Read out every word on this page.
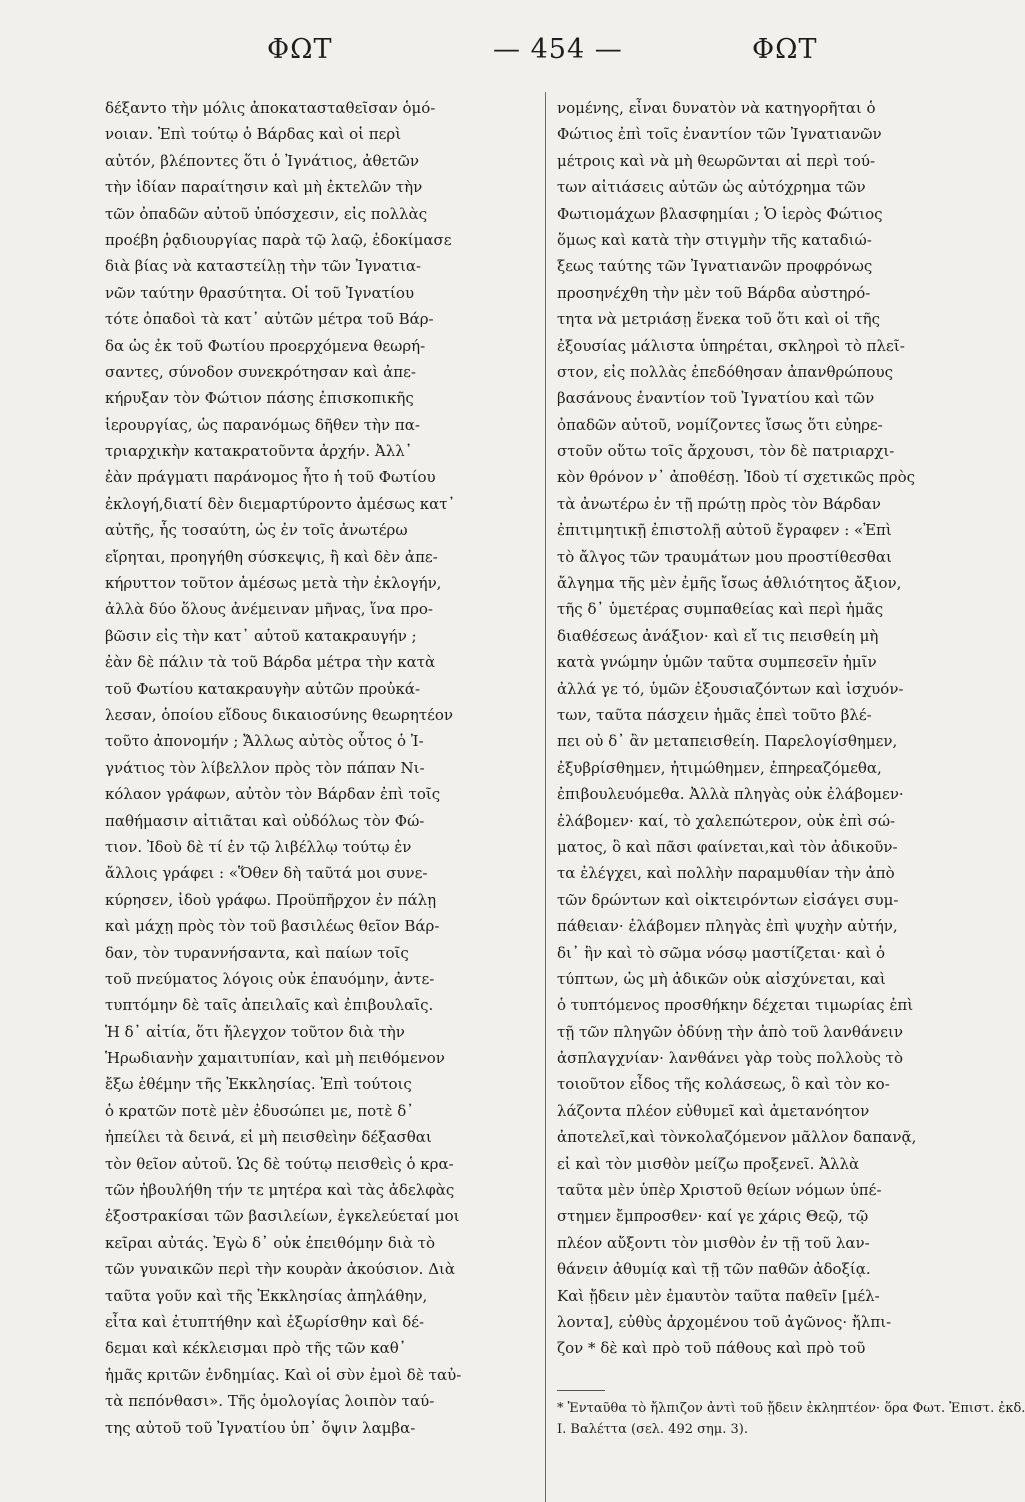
ΦΩΤ	— 454 —	ΦΩΤ
δέξαντο τὴν μόλις ἀποκατασταθεῖσαν ὁμό-
νοιαν. Ἐπὶ τούτῳ ὁ Βάρδας καὶ οἱ περὶ
αὐτόν, βλέποντες ὅτι ὁ Ἰγνάτιος, ἀθετῶν
τὴν ἰδίαν παραίτησιν καὶ μὴ ἐκτελῶν τὴν
τῶν ὀπαδῶν αὐτοῦ ὑπόσχεσιν, εἰς πολλὰς
προέβη ῥᾳδιουργίας παρὰ τῷ λαῷ, ἐδοκίμασε
διὰ βίας νὰ καταστείλῃ τὴν τῶν Ἰγνατια-
νῶν ταύτην θρασύτητα. Οἱ τοῦ Ἰγνατίου
τότε ὀπαδοὶ τὰ κατ᾽ αὐτῶν μέτρα τοῦ Βάρ-
δα ὡς ἐκ τοῦ Φωτίου προερχόμενα θεωρή-
σαντες, σύνοδον συνεκρότησαν καὶ ἀπε-
κήρυξαν τὸν Φώτιον πάσης ἐπισκοπικῆς
ἱερουργίας, ὡς παρανόμως δῆθεν τὴν πα-
τριαρχικὴν κατακρατοῦντα ἀρχήν. Ἀλλ᾽
ἐὰν πράγματι παράνομος ἦτο ἡ τοῦ Φωτίου
ἐκλογή,διατί δὲν διεμαρτύροντο ἀμέσως κατ᾽
αὐτῆς, ἧς τοσαύτη, ὡς ἐν τοῖς ἀνωτέρω
εἴρηται, προηγήθη σύσκεψις, ἢ καὶ δὲν ἀπε-
κήρυττον τοῦτον ἀμέσως μετὰ τὴν ἐκλογήν,
ἀλλὰ δύο ὅλους ἀνέμειναν μῆνας, ἵνα προ-
βῶσιν εἰς τὴν κατ᾽ αὐτοῦ κατακραυγήν ;
ἐὰν δὲ πάλιν τὰ τοῦ Βάρδα μέτρα τὴν κατὰ
τοῦ Φωτίου κατακραυγὴν αὐτῶν προὐκά-
λεσαν, ὁποίου εἴδους δικαιοσύνης θεωρητέον
τοῦτο ἀπονομήν ; Ἄλλως αὐτὸς οὗτος ὁ Ἰ-
γνάτιος τὸν λίβελλον πρὸς τὸν πάπαν Νι-
κόλαον γράφων, αὐτὸν τὸν Βάρδαν ἐπὶ τοῖς
παθήμασιν αἰτιᾶται καὶ οὐδόλως τὸν Φώ-
τιον. Ἰδοὺ δὲ τί ἐν τῷ λιβέλλῳ τούτῳ ἐν
ἄλλοις γράφει : «Ὅθεν δὴ ταῦτά μοι συνε-
κύρησεν, ἰδοὺ γράφω. Προϋπῆρχον ἐν πάλῃ
καὶ μάχῃ πρὸς τὸν τοῦ βασιλέως θεῖον Βάρ-
δαν, τὸν τυραννήσαντα, καὶ παίων τοῖς
τοῦ πνεύματος λόγοις οὐκ ἐπαυόμην, ἀντε-
τυπτόμην δὲ ταῖς ἀπειλαῖς καὶ ἐπιβουλαῖς.
Ἡ δ᾽ αἰτία, ὅτι ἤλεγχον τοῦτον διὰ τὴν
Ἡρωδιανὴν χαμαιτυπίαν, καὶ μὴ πειθόμενον
ἔξω ἐθέμην τῆς Ἐκκλησίας. Ἐπὶ τούτοις
ὁ κρατῶν ποτὲ μὲν ἐδυσώπει με, ποτὲ δ᾽
ἠπείλει τὰ δεινά, εἰ μὴ πεισθεὶην δέξασθαι
τὸν θεῖον αὐτοῦ. Ὡς δὲ τούτῳ πεισθεὶς ὁ κρα-
τῶν ἠβουλήθη τήν τε μητέρα καὶ τὰς ἀδελφὰς
ἐξοστρακίσαι τῶν βασιλείων, ἐγκελεύεταί μοι
κεῖραι αὐτάς. Ἐγὼ δ᾽ οὐκ ἐπειθόμην διὰ τὸ
τῶν γυναικῶν περὶ τὴν κουρὰν ἀκούσιον. Διὰ
ταῦτα γοῦν καὶ τῆς Ἐκκλησίας ἀπηλάθην,
εἶτα καὶ ἐτυπτήθην καὶ ἐξωρίσθην καὶ δέ-
δεμαι καὶ κέκλεισμαι πρὸ τῆς τῶν καθ᾽
ἡμᾶς κριτῶν ἐνδημίας. Καὶ οἱ σὺν ἐμοὶ δὲ ταὐ-
τὰ πεπόνθασι». Τῆς ὁμολογίας λοιπὸν ταύ-
της αὐτοῦ τοῦ Ἰγνατίου ὑπ᾽ ὄψιν λαμβα-
νομένης, εἶναι δυνατὸν νὰ κατηγορῆται ὁ
Φώτιος ἐπὶ τοῖς ἐναντίον τῶν Ἰγνατιανῶν
μέτροις καὶ νὰ μὴ θεωρῶνται αἱ περὶ τού-
των αἰτιάσεις αὐτῶν ὡς αὐτόχρημα τῶν
Φωτιομάχων βλασφημίαι ; Ὁ ἱερὸς Φώτιος
ὅμως καὶ κατὰ τὴν στιγμὴν τῆς καταδιώ-
ξεως ταύτης τῶν Ἰγνατιανῶν προφρόνως
προσηνέχθη τὴν μὲν τοῦ Βάρδα αὐστηρό-
τητα νὰ μετριάσῃ ἕνεκα τοῦ ὅτι καὶ οἱ τῆς
ἐξουσίας μάλιστα ὑπηρέται, σκληροὶ τὸ πλεῖ-
στον, εἰς πολλὰς ἐπεδόθησαν ἀπανθρώπους
βασάνους ἐναντίον τοῦ Ἰγνατίου καὶ τῶν
ὀπαδῶν αὐτοῦ, νομίζοντες ἴσως ὅτι εὐηρε-
στοῦν οὕτω τοῖς ἄρχουσι, τὸν δὲ πατριαρχι-
κὸν θρόνον ν᾽ ἀποθέσῃ. Ἰδοὺ τί σχετικῶς πρὸς
τὰ ἀνωτέρω ἐν τῇ πρώτῃ πρὸς τὸν Βάρδαν
ἐπιτιμητικῇ ἐπιστολῇ αὐτοῦ ἔγραφεν : «Ἐπὶ
τὸ ἄλγος τῶν τραυμάτων μου προστίθεσθαι
ἄλγημα τῆς μὲν ἐμῆς ἴσως ἀθλιότητος ἄξιον,
τῆς δ᾽ ὑμετέρας συμπαθείας καὶ περὶ ἡμᾶς
διαθέσεως ἀνάξιον· καὶ εἴ τις πεισθείη μὴ
κατὰ γνώμην ὑμῶν ταῦτα συμπεσεῖν ἡμῖν
ἀλλά γε τό, ὑμῶν ἐξουσιαζόντων καὶ ἰσχυόν-
των, ταῦτα πάσχειν ἡμᾶς ἐπεὶ τοῦτο βλέ-
πει οὐ δ᾽ ἂν μεταπεισθείη. Παρελογίσθημεν,
ἐξυβρίσθημεν, ἠτιμώθημεν, ἐπηρεαζόμεθα,
ἐπιβουλευόμεθα. Ἀλλὰ πληγὰς οὐκ ἐλάβομεν·
ἐλάβομεν· καί, τὸ χαλεπώτερον, οὐκ ἐπὶ σώ-
ματος, ὃ καὶ πᾶσι φαίνεται,καὶ τὸν ἀδικοῦν-
τα ἐλέγχει, καὶ πολλὴν παραμυθίαν τὴν ἀπὸ
τῶν δρώντων καὶ οἰκτειρόντων εἰσάγει συμ-
πάθειαν· ἐλάβομεν πληγὰς ἐπὶ ψυχὴν αὐτήν,
δι᾽ ἣν καὶ τὸ σῶμα νόσῳ μαστίζεται· καὶ ὁ
τύπτων, ὡς μὴ ἀδικῶν οὐκ αἰσχύνεται, καὶ
ὁ τυπτόμενος προσθήκην δέχεται τιμωρίας ἐπὶ
τῇ τῶν πληγῶν ὀδύνῃ τὴν ἀπὸ τοῦ λανθάνειν
ἀσπλαγχνίαν· λανθάνει γὰρ τοὺς πολλοὺς τὸ
τοιοῦτον εἶδος τῆς κολάσεως, ὃ καὶ τὸν κο-
λάζοντα πλέον εὐθυμεῖ καὶ ἀμετανόητον
ἀποτελεῖ,καὶ τὸνκολαζόμενον μᾶλλον δαπανᾷ,
εἰ καὶ τὸν μισθὸν μείζω προξενεῖ. Ἀλλὰ
ταῦτα μὲν ὑπὲρ Χριστοῦ θείων νόμων ὑπέ-
στημεν ἔμπροσθεν· καί γε χάρις Θεῷ, τῷ
πλέον αὔξοντι τὸν μισθὸν ἐν τῇ τοῦ λαν-
θάνειν ἀθυμίᾳ καὶ τῇ τῶν παθῶν ἀδοξίᾳ.
Καὶ ᾔδειν μὲν ἐμαυτὸν ταῦτα παθεῖν [μέλ-
λοντα], εὐθὺς ἀρχομένου τοῦ ἀγῶνος· ἤλπι-
ζον * δὲ καὶ πρὸ τοῦ πάθους καὶ πρὸ τοῦ
* Ἐνταῦθα τὸ ἤλπιζον ἀντὶ τοῦ ᾔδειν ἐκληπτέον· ὅρα Φωτ. Ἐπιστ. ἐκδ.
Ι. Βαλέττα (σελ. 492 σημ. 3).
